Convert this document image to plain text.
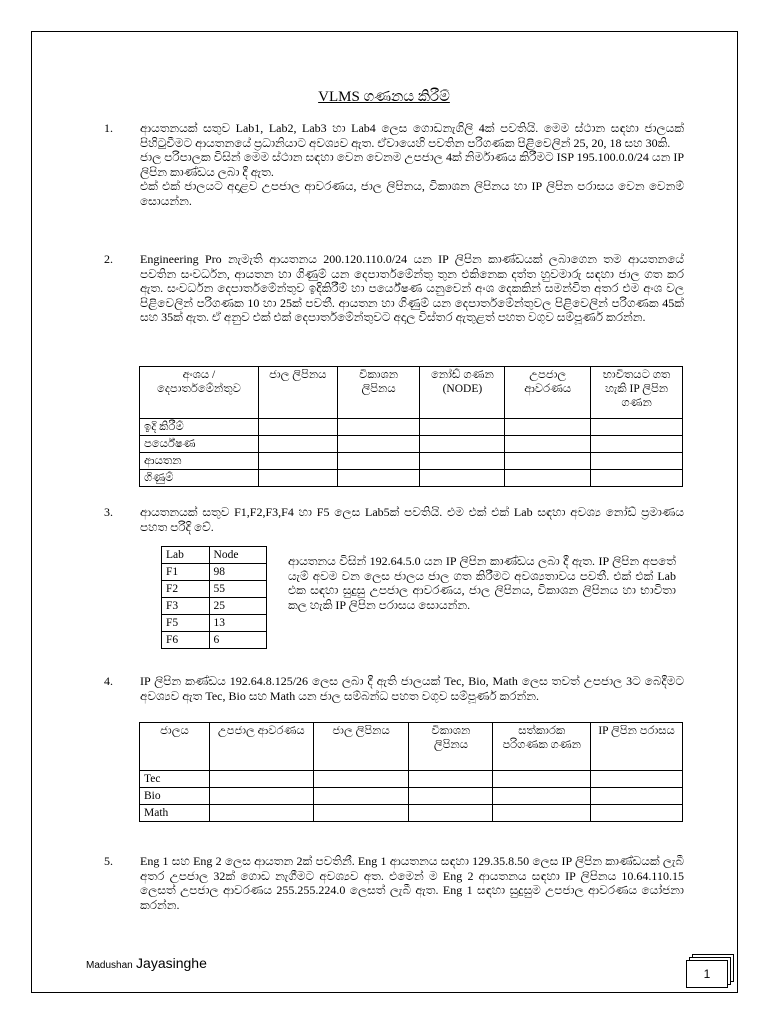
VLMS ගණනය කිරීම්
1. ආයතනයක් සතුව Lab1, Lab2, Lab3 හා Lab4 ලෙස ගොඩනැගිලි 4ක් පවතියි. මෙම ස්ථාන සඳහා ජාලයක් පිහිටුවීමට ආයතනයේ ප්‍රධානියාට අවශ්‍යව ඇත. ඒවායෙහි පවතින පරිගණක පිළිවෙලින් 25, 20, 18 සහ 30කි.

ජාල පරිපාලක විසින් මෙම ස්ථාන සඳහා වෙන වෙනම උපජාල 4ක් නිර්මාණය කිරීමට ISP 195.100.0.0/24 යන IP ලිපින කාණ්ඩය ලබා දී ඇත.

එක් එක් ජාලයට අදාළව උපජාල ආවරණය, ජාල ලිපිනය, විකාශන ලිපිනය හා IP ලිපින පරාසය වෙන වෙනම් සොයන්න.

2. Engineering Pro නැමැති ආයතනය 200.120.110.0/24 යන IP ලිපින කාණ්ඩයක් ලබාගෙන තම ආයතනයේ පවතින සංවර්ධන, ආයතන හා ගිණුම් යන දෙපාර්තමේන්තු තුන එකිනෙක දත්ත හුවමාරු සඳහා ජාල ගත කර ඇත. සංවර්ධන දෙපාර්තමේන්තුව ඉදිකිරීම් හා පර්යේෂණ යනුවෙන් අංශ දෙකකින් සමන්විත අතර එම අංශ වල පිළිවෙලින් පරිගණක 10 හා 25ක් පවතී. ආයතන හා ගිණුම් යන දෙපාර්තමේන්තුවල පිළිවෙලින් පරිගණක 45ක් සහ 35ක් ඇත. ඒ අනුව එක් එක් දෙපාර්තමේන්තුවට අදාල විස්තර ඇතුළත් පහත වගුව සම්පූර්ණ කරන්න.

අංශය / දෙපාර්තමේන්තුව	ජාල ලිපිනය	විකාශන ලිපිනය	නෝඩ් ගණන (NODE)	උපජාල ආවරණය	භාවිතයට ගත හැකි IP ලිපින ගණන
ඉදි කිරීම්					
පර්යේෂණ					
ආයතන					
ගිණුම්					
3. ආයතනයක් සතුව F1,F2,F3,F4 හා F5 ලෙස Lab5ක් පවතියි. එම එක් එක් Lab සඳහා අවශ්‍ය නෝඩ් ප්‍රමාණය පහත පරිදි වේ.

Lab	Node
F1	98
F2	55
F3	25
F5	13
F6	6

ආයතනය විසින් 192.64.5.0 යන IP ලිපින කාණ්ඩය ලබා දී ඇත. IP ලිපින අපතේ යැම් අවම වන ලෙස ජාලය ජාල ගත කිරීමට අවශ්‍යතාවය පවතී. එක් එක් Lab එක සඳහා සුදුසු උපජාල ආවරණය, ජාල ලිපිනය, විකාශන ලිපිනය හා භාවිතා කල හැකි IP ලිපින පරාසය සොයන්න.

4. IP ලිපින කණ්ඩය 192.64.8.125/26 ලෙස ලබා දී ඇති ජාලයක් Tec, Bio, Math ලෙස තවත් උපජාල 3ට බෙදීමට අවශ්‍යව ඇත Tec, Bio සහ Math යන ජාල සම්බන්ධ පහත වගුව සම්පූර්ණ කරන්න.

ජාලය	උපජාල ආවරණය	ජාල ලිපිනය	විකාශන ලිපිනය	සත්කාරක පරිගණක ගණන	IP ලිපින පරාසය
Tec					
Bio					
Math					
5. Eng 1 සහ Eng 2 ලෙස ආයතන 2ක් පවතිනී. Eng 1 ආයතනය සඳහා 129.35.8.50 ලෙස IP ලිපින කාණ්ඩයක් ලැබී අතර උපජාල 32ක් ගොඩ නැගීමට අවශ්‍යව අත. එමෙන් ම Eng 2 ආයතනය සඳහා IP ලිපිනය 10.64.110.15 ලෙසත් උපජාල ආවරණය 255.255.224.0 ලෙසත් ලැබී ඇත. Eng 1 සඳහා සුදුසුම උපජාල ආවරණය යෝජනා කරන්න.

Madushan Jayasinghe
1
